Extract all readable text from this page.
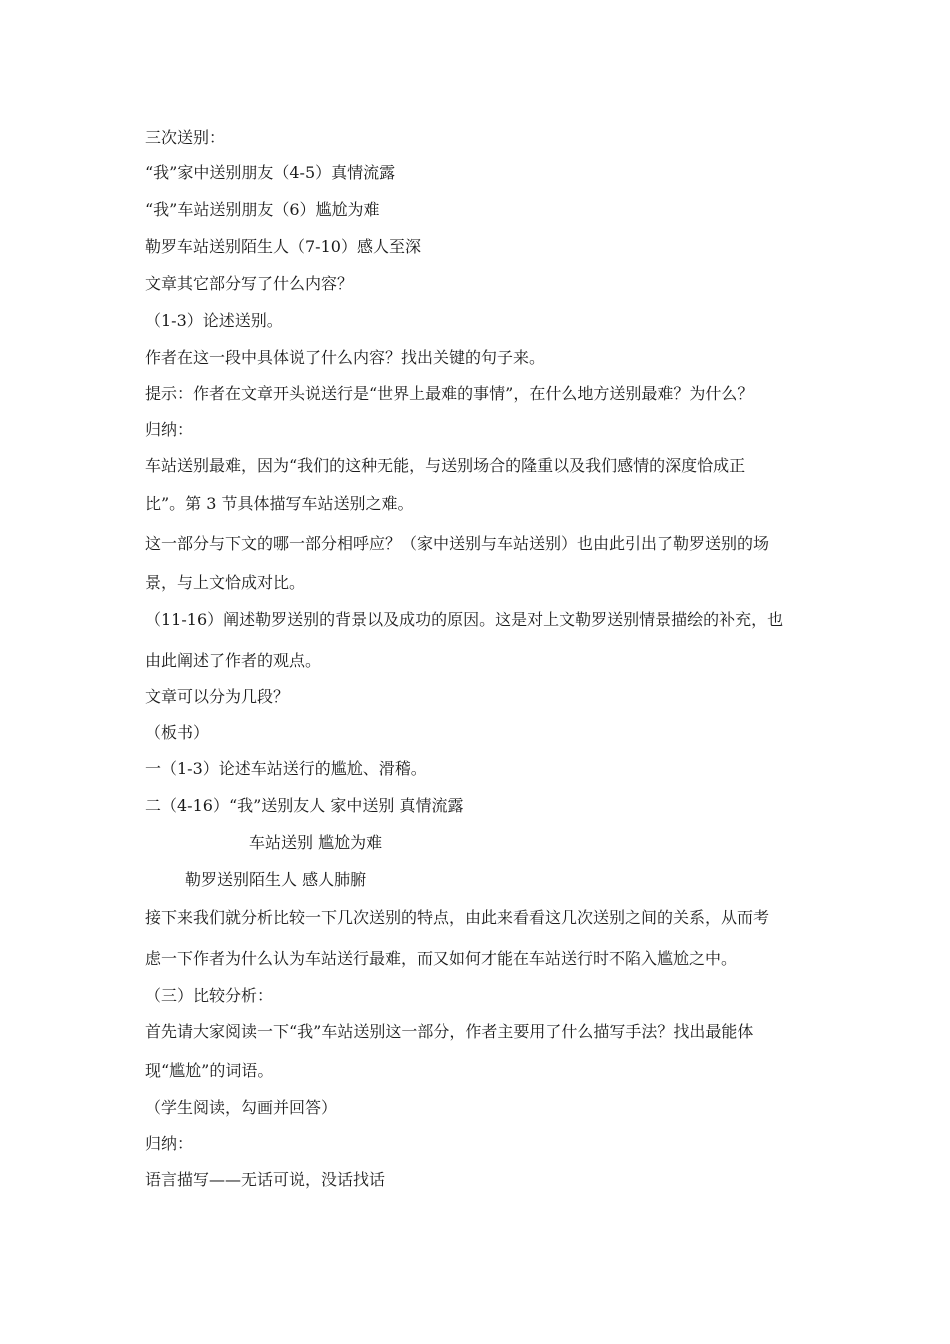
三次送别：
“我”家中送别朋友（4-5）真情流露
“我”车站送别朋友（6）尴尬为难
勒罗车站送别陌生人（7-10）感人至深
文章其它部分写了什么内容？
（1-3）论述送别。
作者在这一段中具体说了什么内容？找出关键的句子来。
提示：作者在文章开头说送行是“世界上最难的事情”，在什么地方送别最难？为什么？
归纳：
车站送别最难，因为“我们的这种无能，与送别场合的隆重以及我们感情的深度恰成正
比”。第 3 节具体描写车站送别之难。
这一部分与下文的哪一部分相呼应？（家中送别与车站送别）也由此引出了勒罗送别的场
景，与上文恰成对比。
（11-16）阐述勒罗送别的背景以及成功的原因。这是对上文勒罗送别情景描绘的补充，也
由此阐述了作者的观点。
文章可以分为几段？
（板书）
一（1-3）论述车站送行的尴尬、滑稽。
二（4-16）“我”送别友人 家中送别 真情流露
车站送别 尴尬为难
勒罗送别陌生人 感人肺腑
接下来我们就分析比较一下几次送别的特点，由此来看看这几次送别之间的关系，从而考
虑一下作者为什么认为车站送行最难，而又如何才能在车站送行时不陷入尴尬之中。
（三）比较分析：
首先请大家阅读一下“我”车站送别这一部分，作者主要用了什么描写手法？找出最能体
现“尴尬”的词语。
（学生阅读，勾画并回答）
归纳：
语言描写——无话可说，没话找话
